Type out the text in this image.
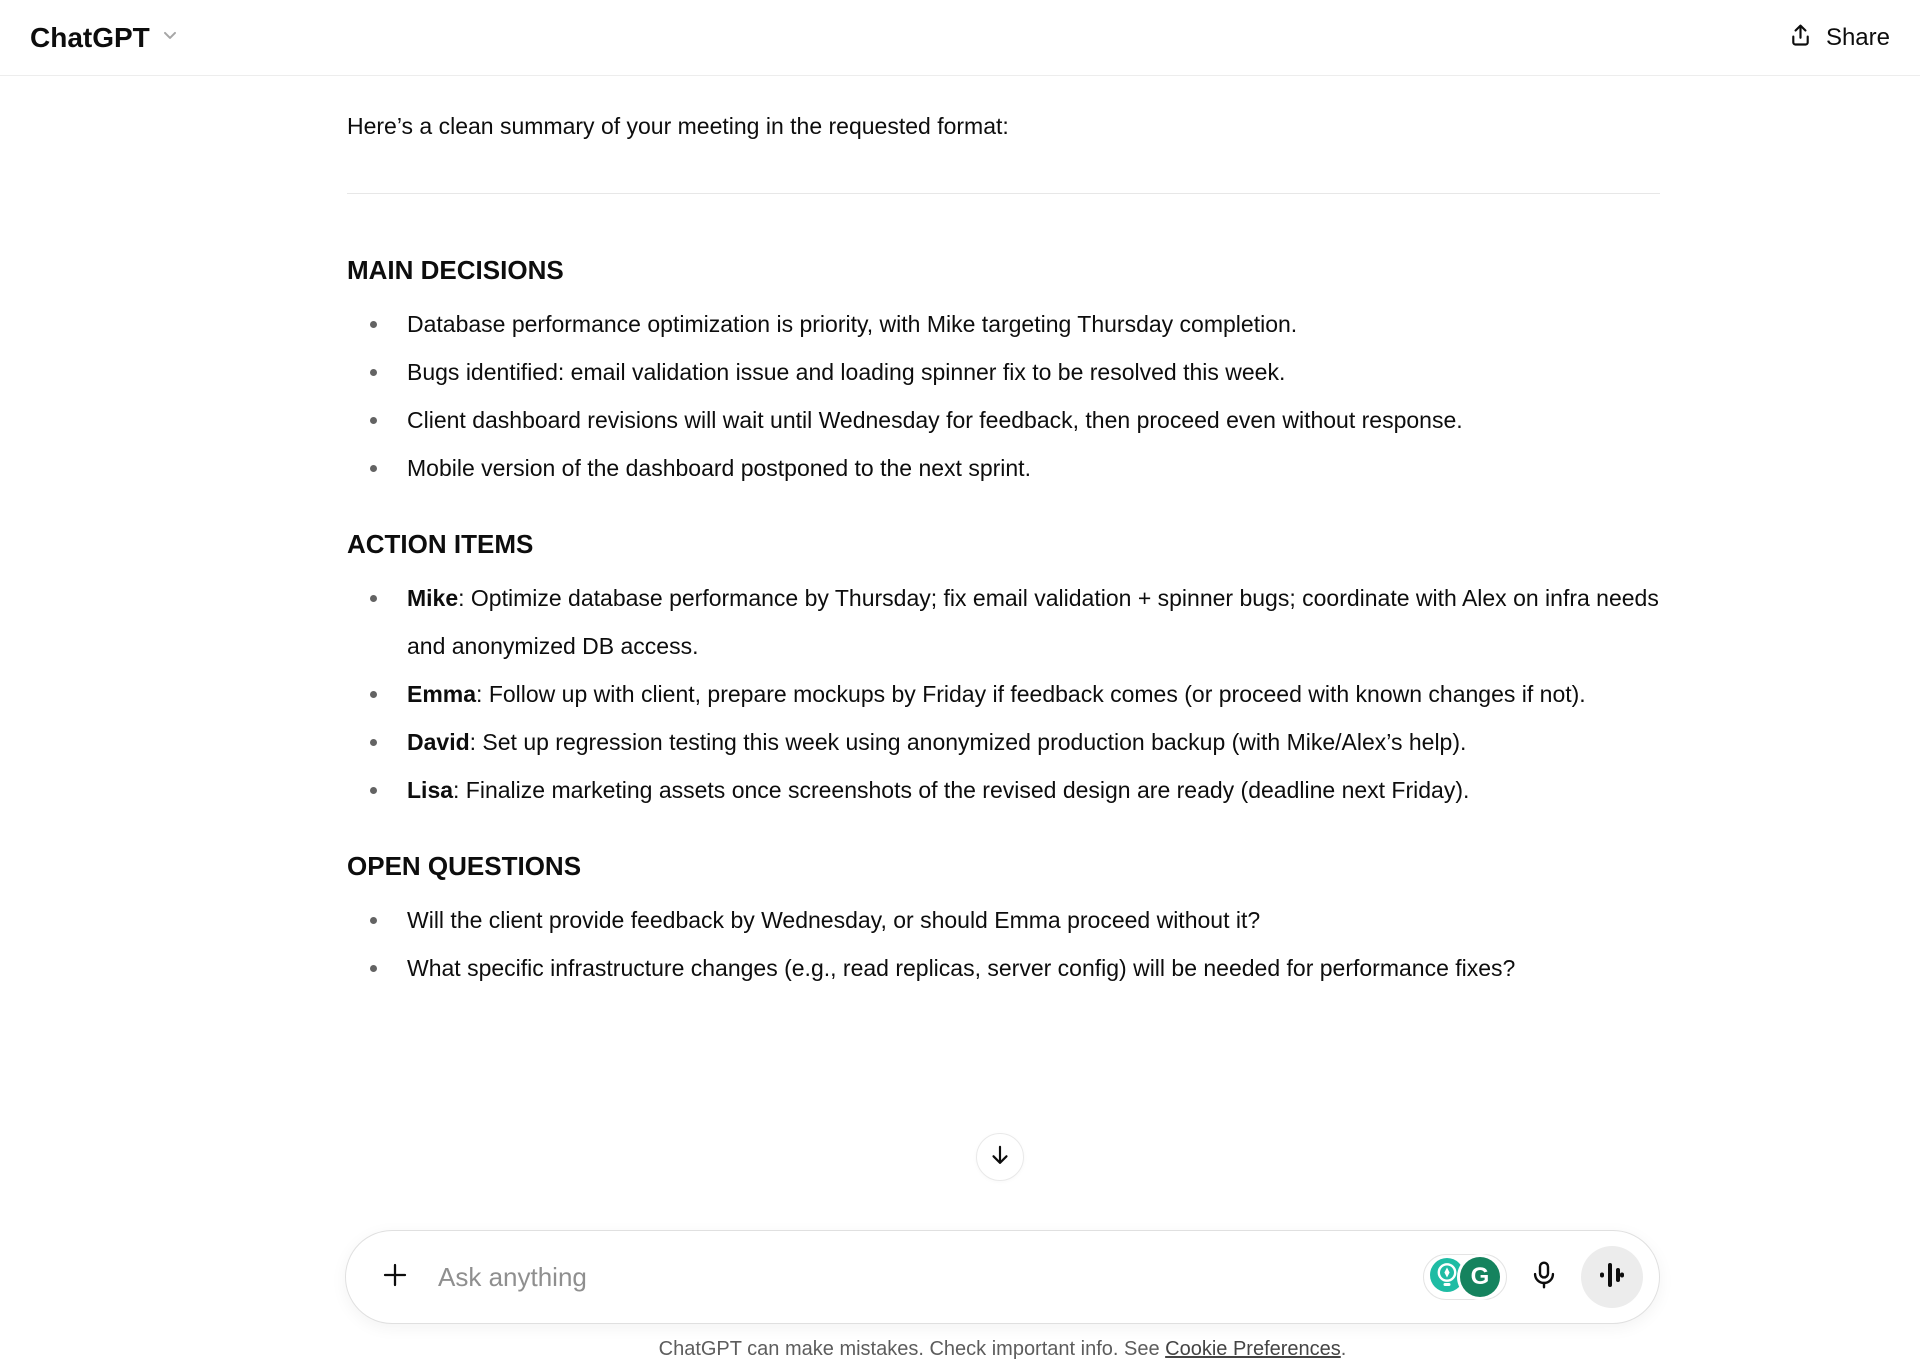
ChatGPT	Share

Here’s a clean summary of your meeting in the requested format:

MAIN DECISIONS
Database performance optimization is priority, with Mike targeting Thursday completion.
Bugs identified: email validation issue and loading spinner fix to be resolved this week.
Client dashboard revisions will wait until Wednesday for feedback, then proceed even without response.
Mobile version of the dashboard postponed to the next sprint.
ACTION ITEMS
Mike: Optimize database performance by Thursday; fix email validation + spinner bugs; coordinate with Alex on infra needs and anonymized DB access.
Emma: Follow up with client, prepare mockups by Friday if feedback comes (or proceed with known changes if not).
David: Set up regression testing this week using anonymized production backup (with Mike/Alex’s help).
Lisa: Finalize marketing assets once screenshots of the revised design are ready (deadline next Friday).
OPEN QUESTIONS
Will the client provide feedback by Wednesday, or should Emma proceed without it?
What specific infrastructure changes (e.g., read replicas, server config) will be needed for performance fixes?
Ask anything
G
ChatGPT can make mistakes. Check important info. See Cookie Preferences.
